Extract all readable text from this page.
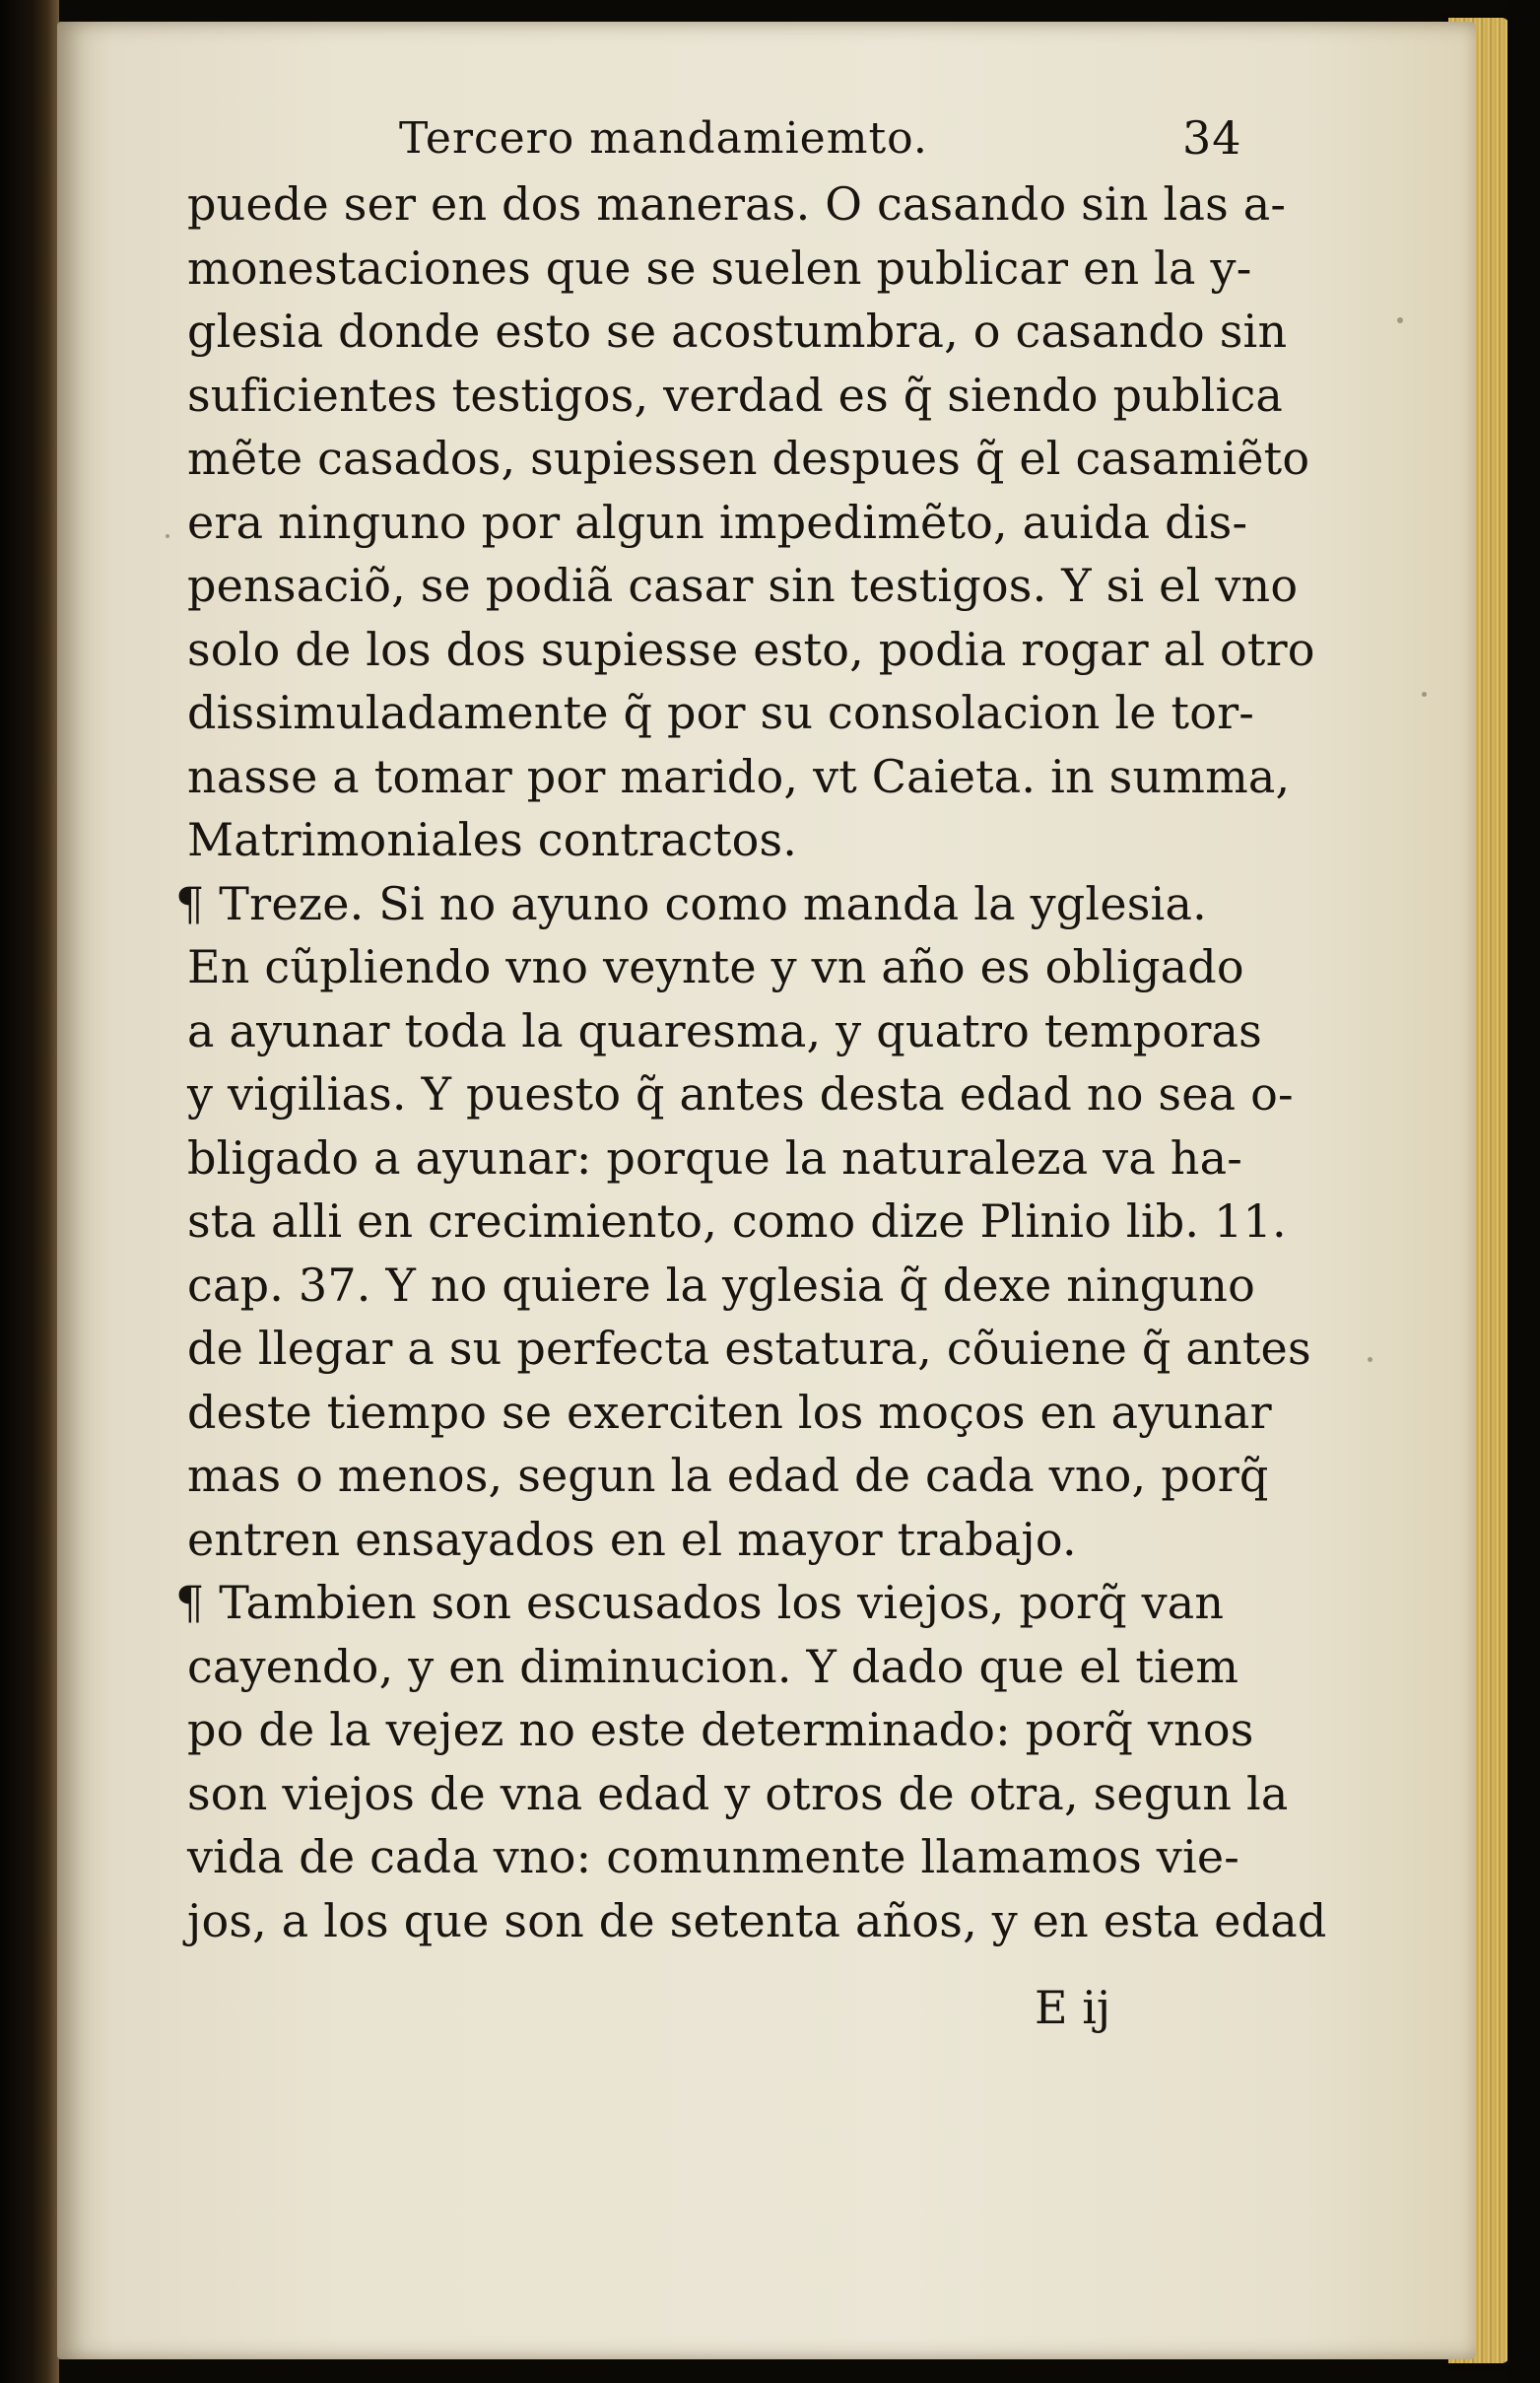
Tercero mandamiemto.	34
puede ser en dos maneras. O casando sin las a-
monestaciones que se suelen publicar en la y-
glesia donde esto se acostumbra, o casando sin
suficientes testigos, verdad es q̃ siendo publica
mẽte casados, supiessen despues q̃ el casamiẽto
era ninguno por algun impedimẽto, auida dis-
pensaciõ, se podiã casar sin testigos. Y si el vno
solo de los dos supiesse esto, podia rogar al otro
dissimuladamente q̃ por su consolacion le tor-
nasse a tomar por marido, vt Caieta. in summa,
Matrimoniales contractos.
¶ Treze. Si no ayuno como manda la yglesia.
En cũpliendo vno veynte y vn año es obligado
a ayunar toda la quaresma, y quatro temporas
y vigilias. Y puesto q̃ antes desta edad no sea o-
bligado a ayunar: porque la naturaleza va ha-
sta alli en crecimiento, como dize Plinio lib. 11.
cap. 37. Y no quiere la yglesia q̃ dexe ninguno
de llegar a su perfecta estatura, cõuiene q̃ antes
deste tiempo se exerciten los moços en ayunar
mas o menos, segun la edad de cada vno, porq̃
entren ensayados en el mayor trabajo.
¶ Tambien son escusados los viejos, porq̃ van
cayendo, y en diminucion. Y dado que el tiem
po de la vejez no este determinado: porq̃ vnos
son viejos de vna edad y otros de otra, segun la
vida de cada vno: comunmente llamamos vie-
jos, a los que son de setenta años, y en esta edad
E ij
